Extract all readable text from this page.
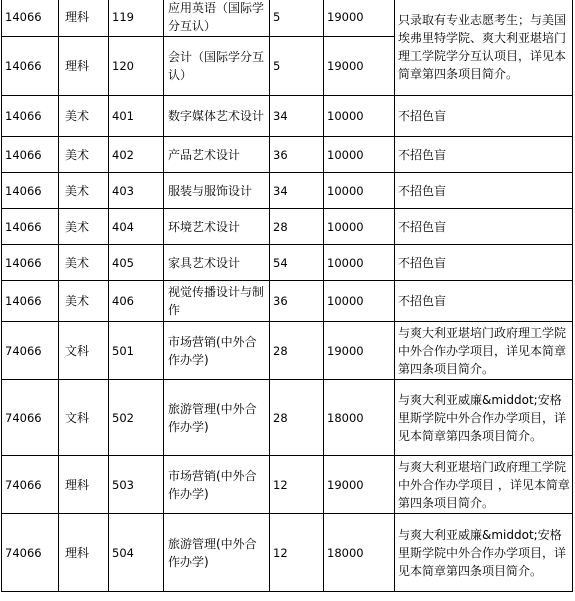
14066	理科	119	应用英语（国际学分互认）	5	19000	只录取有专业志愿考生；与美国埃弗里特学院、爽大利亚堪培门理工学院学分互认项目，详见本简章第四条项目简介。
14066	理科	120	会计（国际学分互认）	5	19000	
14066	美术	401	数字媒体艺术设计	34	10000	不招色盲
14066	美术	402	产品艺术设计	36	10000	不招色盲
14066	美术	403	服装与服饰设计	34	10000	不招色盲
14066	美术	404	环境艺术设计	28	10000	不招色盲
14066	美术	405	家具艺术设计	54	10000	不招色盲
14066	美术	406	视觉传播设计与制作	36	10000	不招色盲
74066	文科	501	市场营销(中外合作办学)	28	19000	与爽大利亚堪培门政府理工学院中外合作办学项目，详见本简章第四条项目简介。
74066	文科	502	旅游管理(中外合作办学)	28	18000	与爽大利亚威廉&middot;安格里斯学院中外合作办学项目，详见本简章第四条项目简介。
74066	理科	503	市场营销(中外合作办学)	12	19000	与爽大利亚堪培门政府理工学院中外合作办学项目 ，详见本简章第四条项目简介。
74066	理科	504	旅游管理(中外合作办学)	12	18000	与爽大利亚威廉&middot;安格里斯学院中外合作办学项目，详见本简章第四条项目简介。
